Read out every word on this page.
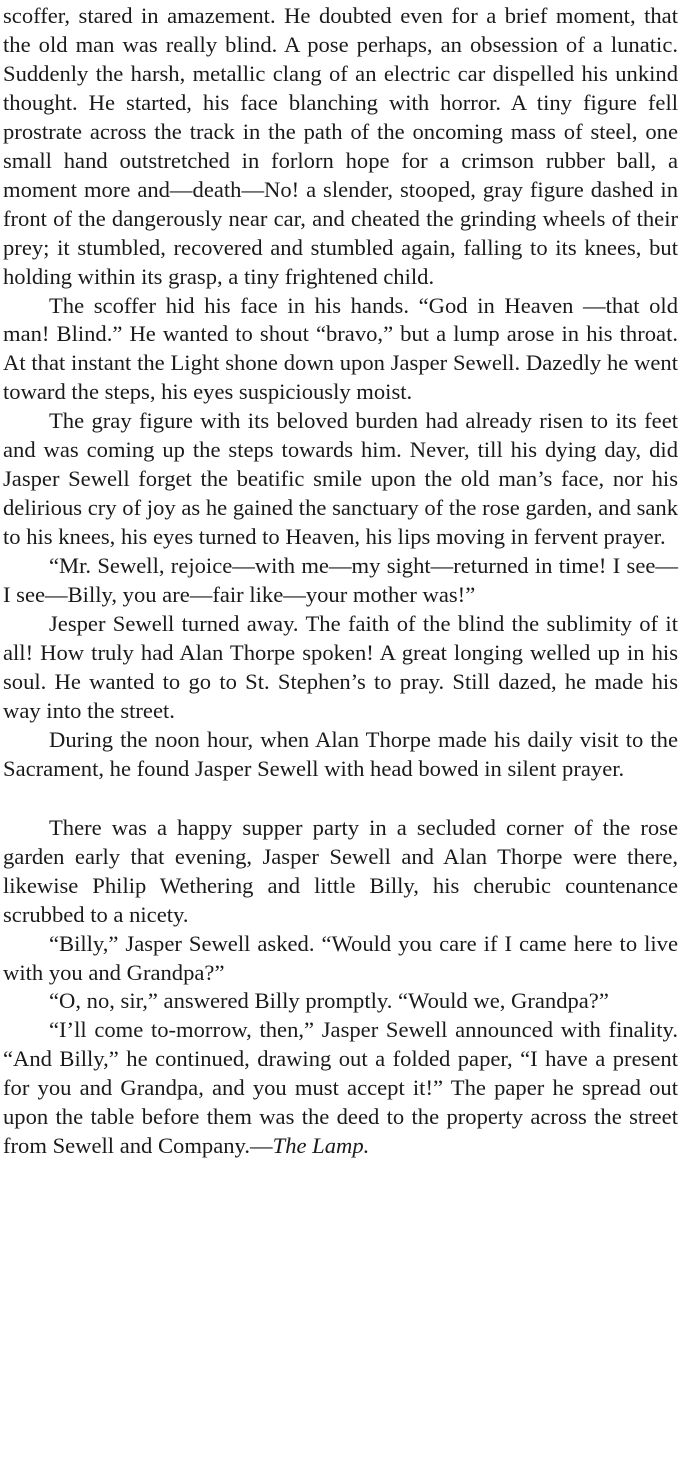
scoffer, stared in amazement. He doubted even for a brief moment, that the old man was really blind. A pose perhaps, an obsession of a lunatic. Suddenly the harsh, metallic clang of an electric car dispelled his unkind thought. He started, his face blanching with horror. A tiny figure fell prostrate across the track in the path of the oncoming mass of steel, one small hand outstretched in forlorn hope for a crimson rubber ball, a moment more and—death—No! a slender, stooped, gray figure dashed in front of the dangerously near car, and cheated the grinding wheels of their prey; it stumbled, recovered and stumbled again, falling to its knees, but holding within its grasp, a tiny frightened child.

The scoffer hid his face in his hands. “God in Heaven —that old man! Blind.” He wanted to shout “bravo,” but a lump arose in his throat. At that instant the Light shone down upon Jasper Sewell. Dazedly he went toward the steps, his eyes suspiciously moist.

The gray figure with its beloved burden had already risen to its feet and was coming up the steps towards him. Never, till his dying day, did Jasper Sewell forget the beatific smile upon the old man’s face, nor his delirious cry of joy as he gained the sanctuary of the rose garden, and sank to his knees, his eyes turned to Heaven, his lips moving in fervent prayer.

“Mr. Sewell, rejoice—with me—my sight—returned in time! I see—I see—Billy, you are—fair like—your mother was!”

Jesper Sewell turned away. The faith of the blind the sublimity of it all! How truly had Alan Thorpe spoken! A great longing welled up in his soul. He wanted to go to St. Stephen’s to pray. Still dazed, he made his way into the street.

During the noon hour, when Alan Thorpe made his daily visit to the Sacrament, he found Jasper Sewell with head bowed in silent prayer.

There was a happy supper party in a secluded corner of the rose garden early that evening, Jasper Sewell and Alan Thorpe were there, likewise Philip Wethering and little Billy, his cherubic countenance scrubbed to a nicety.

“Billy,” Jasper Sewell asked. “Would you care if I came here to live with you and Grandpa?”

“O, no, sir,” answered Billy promptly. “Would we, Grandpa?”

“I’ll come to-morrow, then,” Jasper Sewell announced with finality. “And Billy,” he continued, drawing out a folded paper, “I have a present for you and Grandpa, and you must accept it!” The paper he spread out upon the table before them was the deed to the property across the street from Sewell and Company.—The Lamp.
